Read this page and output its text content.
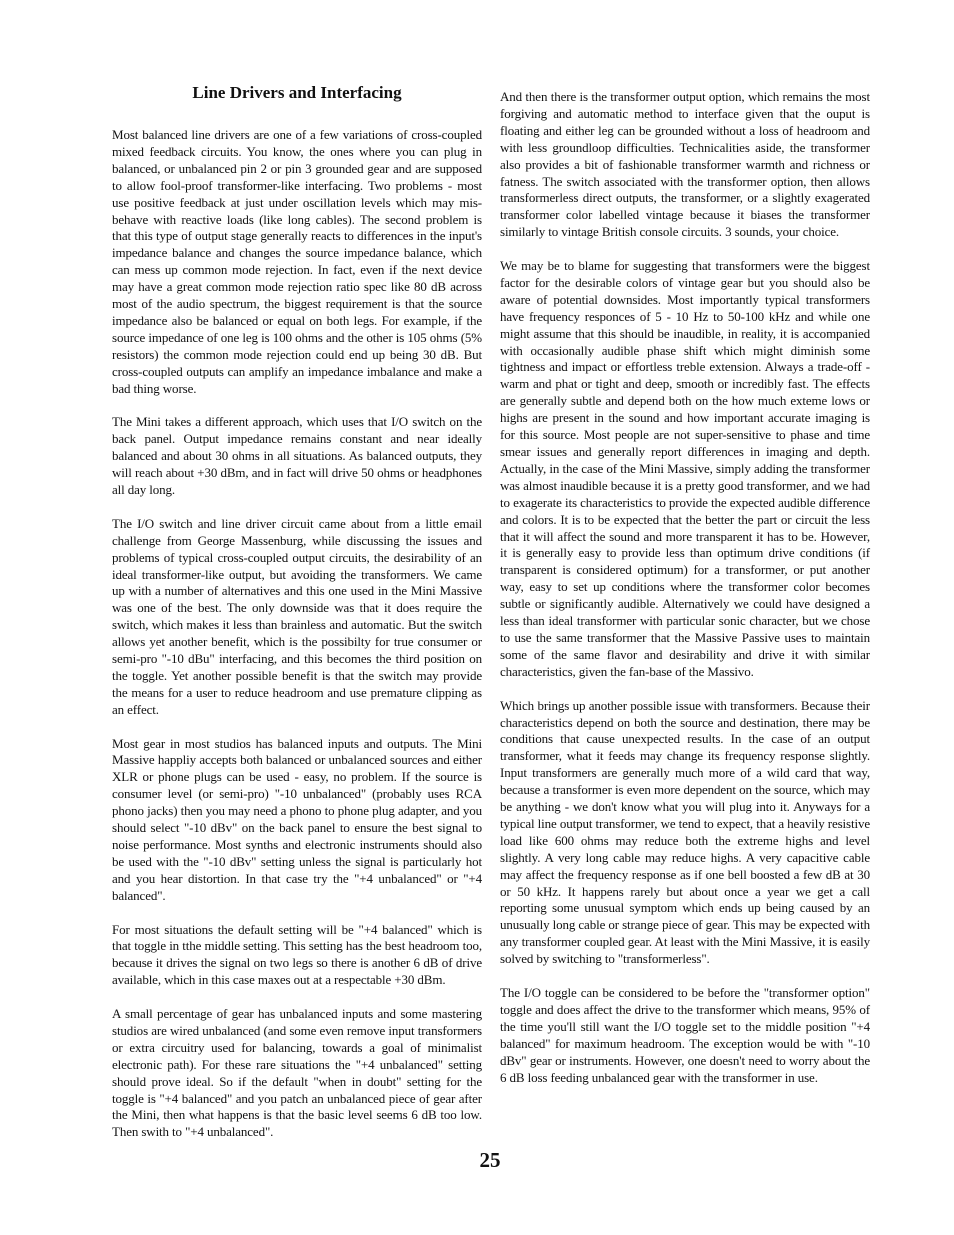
Line Drivers and Interfacing

Most balanced line drivers are one of a few variations of cross-coupled mixed feedback circuits. You know, the ones where you can plug in balanced, or unbalanced pin 2 or pin 3 grounded gear and are supposed to allow fool-proof transformer-like interfacing. Two problems - most use positive feedback at just under oscillation levels which may mis-behave with reactive loads (like long cables). The second problem is that this type of output stage generally reacts to differences in the input's impedance balance and changes the source impedance balance, which can mess up common mode rejection. In fact, even if the next device may have a great common mode rejection ratio spec like 80 dB across most of the audio spectrum, the biggest requirement is that the source impedance also be balanced or equal on both legs. For example, if the source impedance of one leg is 100 ohms and the other is 105 ohms (5% resistors) the common mode rejection could end up being 30 dB. But cross-coupled outputs can amplify an impedance imbalance and make a bad thing worse.

The Mini takes a different approach, which uses that I/O switch on the back panel. Output impedance remains constant and near ideally balanced and about 30 ohms in all situations. As balanced outputs, they will reach about +30 dBm, and in fact will drive 50 ohms or headphones all day long.

The I/O switch and line driver circuit came about from a little email challenge from George Massenburg, while discussing the issues and problems of typical cross-coupled output circuits, the desirability of an ideal transformer-like output, but avoiding the transformers. We came up with a number of alternatives and this one used in the Mini Massive was one of the best. The only downside was that it does require the switch, which makes it less than brainless and automatic. But the switch allows yet another benefit, which is the possibilty for true consumer or semi-pro "-10 dBu" interfacing, and this becomes the third position on the toggle. Yet another possible benefit is that the switch may provide the means for a user to reduce headroom and use premature clipping as an effect.

Most gear in most studios has balanced inputs and outputs. The Mini Massive happliy accepts both balanced or unbalanced sources and either XLR or phone plugs can be used - easy, no problem. If the source is consumer level (or semi-pro) "-10 unbalanced" (probably uses RCA phono jacks) then you may need a phono to phone plug adapter, and you should select "-10 dBv" on the back panel to ensure the best signal to noise performance. Most synths and electronic instruments should also be used with the "-10 dBv" setting unless the signal is particularly hot and you hear distortion. In that case try the "+4 unbalanced" or "+4 balanced".

For most situations the default setting will be "+4 balanced" which is that toggle in tthe middle setting. This setting has the best headroom too, because it drives the signal on two legs so there is another 6 dB of drive available, which in this case maxes out at a respectable +30 dBm.

A small percentage of gear has unbalanced inputs and some mastering studios are wired unbalanced (and some even remove input transformers or extra circuitry used for balancing, towards a goal of minimalist electronic path). For these rare situations the "+4 unbalanced" setting should prove ideal. So if the default "when in doubt" setting for the toggle is "+4 balanced" and you patch an unbalanced piece of gear after the Mini, then what happens is that the basic level seems 6 dB too low. Then swith to "+4 unbalanced".

And then there is the transformer output option, which remains the most forgiving and automatic method to interface given that the ouput is floating and either leg can be grounded without a loss of headroom and with less groundloop difficulties. Technicalities aside, the transformer also provides a bit of fashionable transformer warmth and richness or fatness. The switch associated with the transformer option, then allows transformerless direct outputs, the transformer, or a slightly exagerated transformer color labelled vintage because it biases the transformer similarly to vintage British console circuits. 3 sounds, your choice.

We may be to blame for suggesting that transformers were the biggest factor for the desirable colors of vintage gear but you should also be aware of potential downsides. Most importantly typical transformers have frequency responces of 5 - 10 Hz to 50-100 kHz and while one might assume that this should be inaudible, in reality, it is accompanied with occasionally audible phase shift which might diminish some tightness and impact or effortless treble extension. Always a trade-off - warm and phat or tight and deep, smooth or incredibly fast. The effects are generally subtle and depend both on the how much exteme lows or highs are present in the sound and how important accurate imaging is for this source. Most people are not super-sensitive to phase and time smear issues and generally report differences in imaging and depth. Actually, in the case of the Mini Massive, simply adding the transformer was almost inaudible because it is a pretty good transformer, and we had to exagerate its characteristics to provide the expected audible difference and colors. It is to be expected that the better the part or circuit the less that it will affect the sound and more transparent it has to be. However, it is generally easy to provide less than optimum drive conditions (if transparent is considered optimum) for a transformer, or put another way, easy to set up conditions where the transformer color becomes subtle or significantly audible. Alternatively we could have designed a less than ideal transformer with particular sonic character, but we chose to use the same transformer that the Massive Passive uses to maintain some of the same flavor and desirability and drive it with similar characteristics, given the fan-base of the Massivo.

Which brings up another possible issue with transformers. Because their characteristics depend on both the source and destination, there may be conditions that cause unexpected results. In the case of an output transformer, what it feeds may change its frequency response slightly. Input transformers are generally much more of a wild card that way, because a transformer is even more dependent on the source, which may be anything - we don't know what you will plug into it. Anyways for a typical line output transformer, we tend to expect, that a heavily resistive load like 600 ohms may reduce both the extreme highs and level slightly. A very long cable may reduce highs. A very capacitive cable may affect the frequency response as if one bell boosted a few dB at 30 or 50 kHz. It happens rarely but about once a year we get a call reporting some unusual symptom which ends up being caused by an unusually long cable or strange piece of gear. This may be expected with any transformer coupled gear. At least with the Mini Massive, it is easily solved by switching to "transformerless".

The I/O toggle can be considered to be before the "transformer option" toggle and does affect the drive to the transformer which means, 95% of the time you'll still want the I/O toggle set to the middle position "+4 balanced" for maximum headroom. The exception would be with "-10 dBv" gear or instruments. However, one doesn't need to worry about the 6 dB loss feeding unbalanced gear with the transformer in use.

25
